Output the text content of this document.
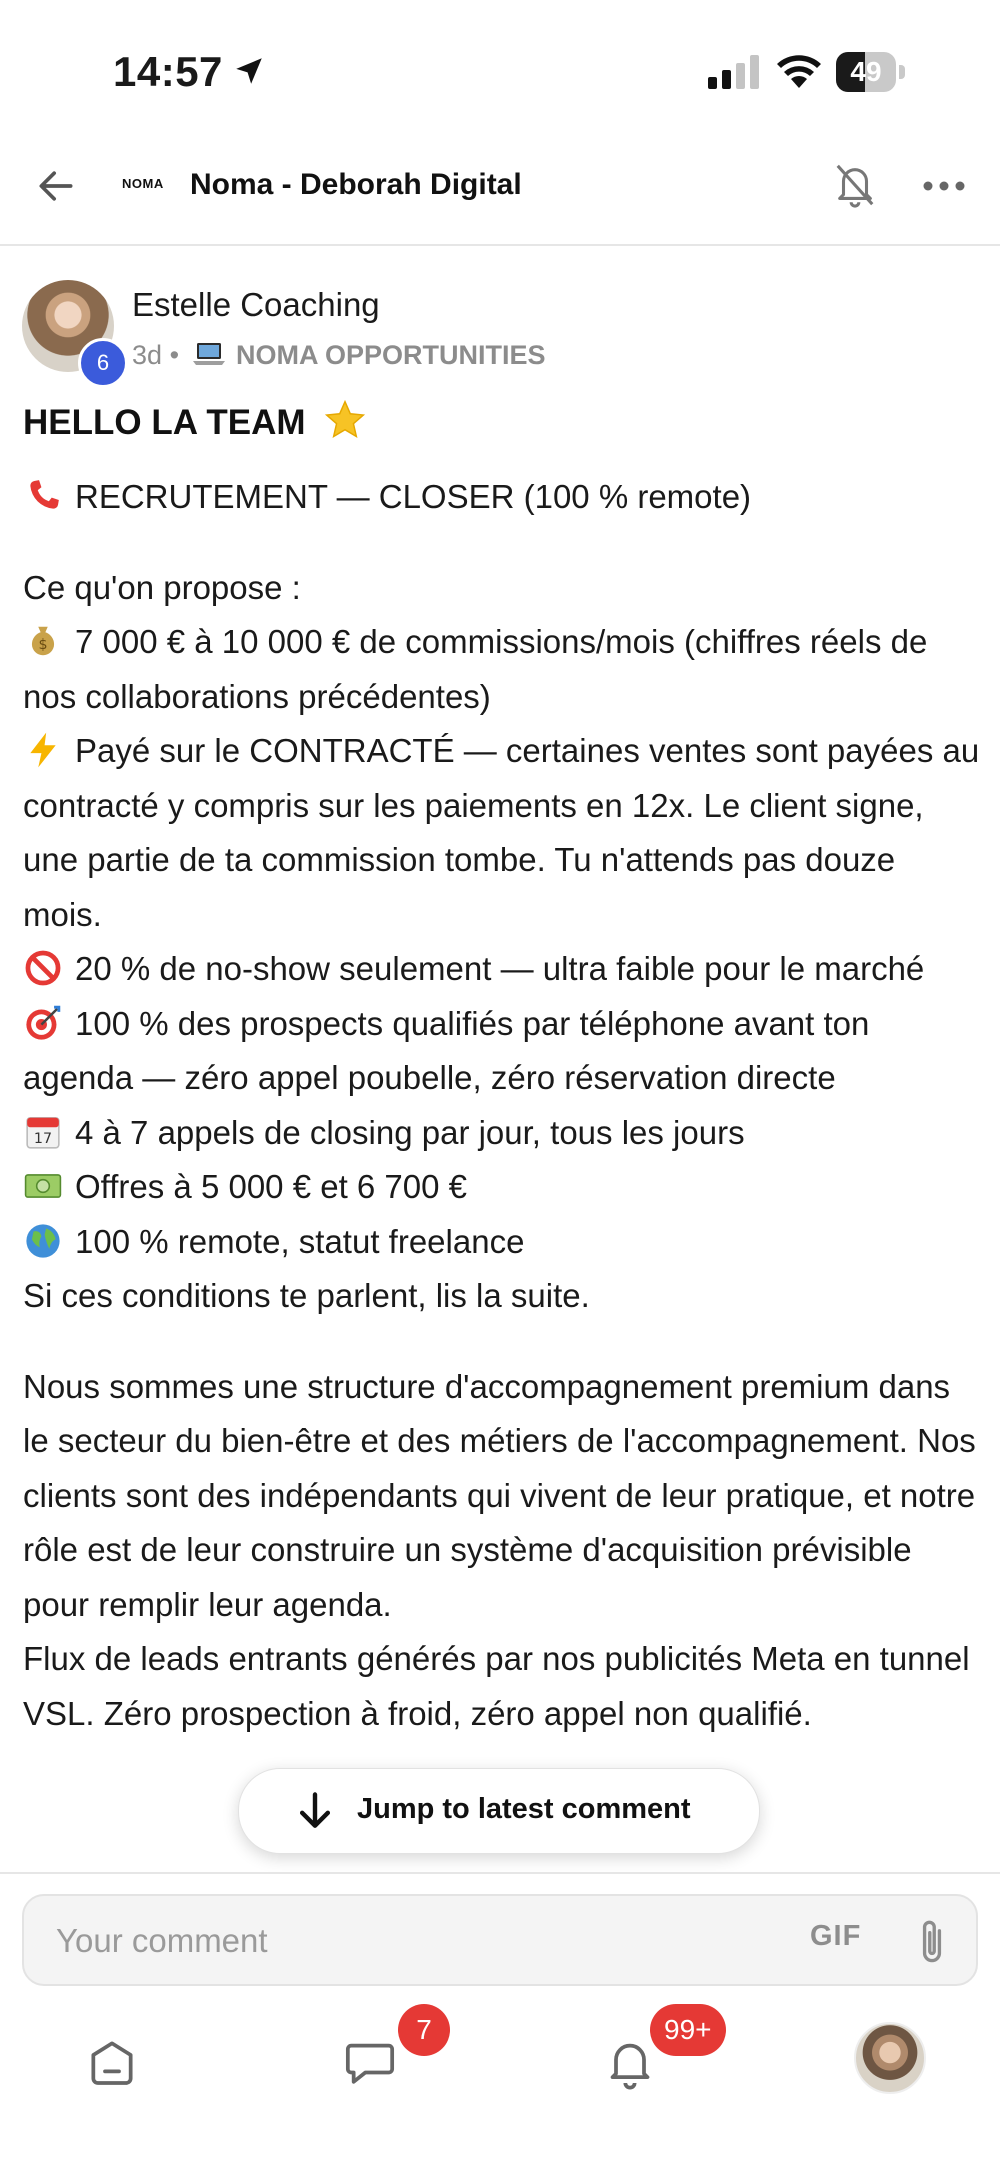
14:57	49
NOMA Noma - Deborah Digital
6
Estelle Coaching
3d • NOMA OPPORTUNITIES
HELLO LA TEAM

RECRUTEMENT — CLOSER (100 % remote)

Ce qu'on propose :

$ 7 000 € à 10 000 € de commissions/mois (chiffres réels de nos collaborations précédentes)

Payé sur le CONTRACTÉ — certaines ventes sont payées au contracté y compris sur les paiements en 12x. Le client signe, une partie de ta commission tombe. Tu n'attends pas douze mois.

20 % de no-show seulement — ultra faible pour le marché

100 % des prospects qualifiés par téléphone avant ton agenda — zéro appel poubelle, zéro réservation directe

17 4 à 7 appels de closing par jour, tous les jours

Offres à 5 000 € et 6 700 €

100 % remote, statut freelance

Si ces conditions te parlent, lis la suite.

Nous sommes une structure d'accompagnement premium dans le secteur du bien-être et des métiers de l'accompagnement. Nos clients sont des indépendants qui vivent de leur pratique, et notre rôle est de leur construire un système d'acquisition prévisible pour remplir leur agenda.

Flux de leads entrants générés par nos publicités Meta en tunnel VSL. Zéro prospection à froid, zéro appel non qualifié.

Jump to latest comment
Your comment
GIF
7	99+
